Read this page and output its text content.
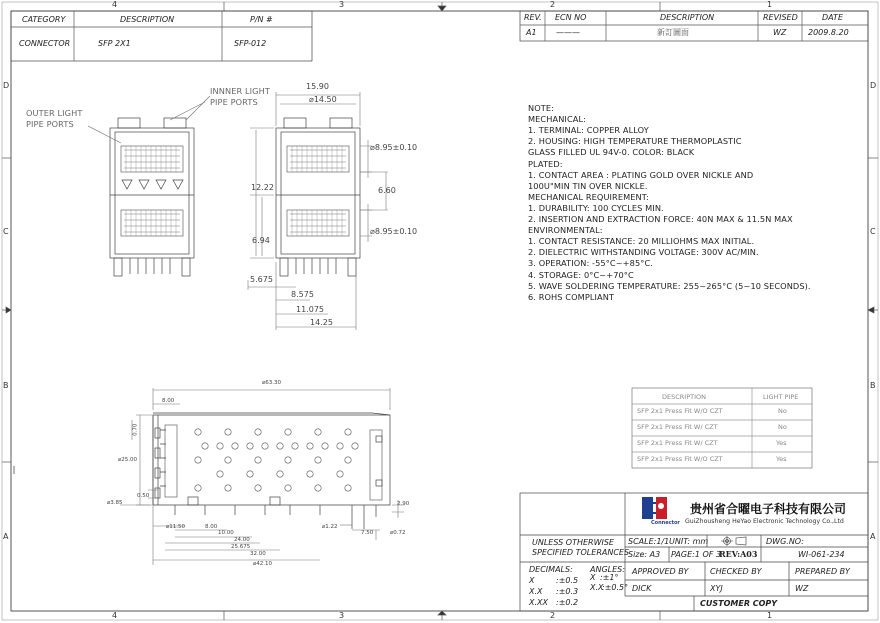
4	3	2	1
4	3	2	1
D
C
B
A
D
C
B
A
CATEGORY	DESCRIPTION	P/N #
CONNECTOR	SFP 2X1	SFP-012
REV. ECN NO	DESCRIPTION	REVISED	DATE
A1 ———	新訂圖面	WZ	2009.8.20
OUTER LIGHT
PIPE PORTS
INNNER LIGHT
PIPE PORTS
15.90
⌀14.50
⌀8.95±0.10
⌀8.95±0.10
12.22	6.60
6.94
5.675
8.575
11.075
14.25
⌀63.30
8.00
0.70
⌀25.00
0.50
⌀3.85	2.90
⌀11.50	8.00
10.00
24.00
25.675
32.00
⌀42.10
⌀1.22
7.50	⌀0.72
NOTE:
MECHANICAL:
1. TERMINAL: COPPER ALLOY
2. HOUSING: HIGH TEMPERATURE THERMOPLASTIC
GLASS FILLED UL 94V-0. COLOR: BLACK
PLATED:
1. CONTACT AREA : PLATING GOLD OVER NICKLE AND
100U"MIN TIN OVER NICKLE.
MECHANICAL REQUIREMENT:
1. DURABILITY: 100 CYCLES MIN.
2. INSERTION AND EXTRACTION FORCE: 40N MAX & 11.5N MAX
ENVIRONMENTAL:
1. CONTACT RESISTANCE: 20 MILLIOHMS MAX INITIAL.
2. DIELECTRIC WITHSTANDING VOLTAGE: 300V AC/MIN.
3. OPERATION: -55°C~+85°C.
4. STORAGE: 0°C~+70°C
5. WAVE SOLDERING TEMPERATURE: 255~265°C (5~10 SECONDS).
6. ROHS COMPLIANT
DESCRIPTION	LIGHT PIPE
SFP 2x1 Press Fit W/O CZT	No
SFP 2x1 Press Fit W/ CZT	No
SFP 2x1 Press Fit W/ CZT	Yes
SFP 2x1 Press Fit W/O CZT	Yes
Connector
贵州省合曜电子科技有限公司
GuiZhousheng HeYao Electronic Technology Co.,Ltd
UNLESS OTHERWISE
SPECIFIED TOLERANCES
DECIMALS:
X	:±0.5
X.X :±0.3
X.XX :±0.2
ANGLES:
X :±1°
X.X
:±0.5°
SCALE:1/1 UNIT: mm	DWG.NO:
Size: A3 PAGE:1 OF 3
REV:A03	WI-061-234
APPROVED BY	CHECKED BY	PREPARED BY
DICK	XYJ	WZ
CUSTOMER COPY
